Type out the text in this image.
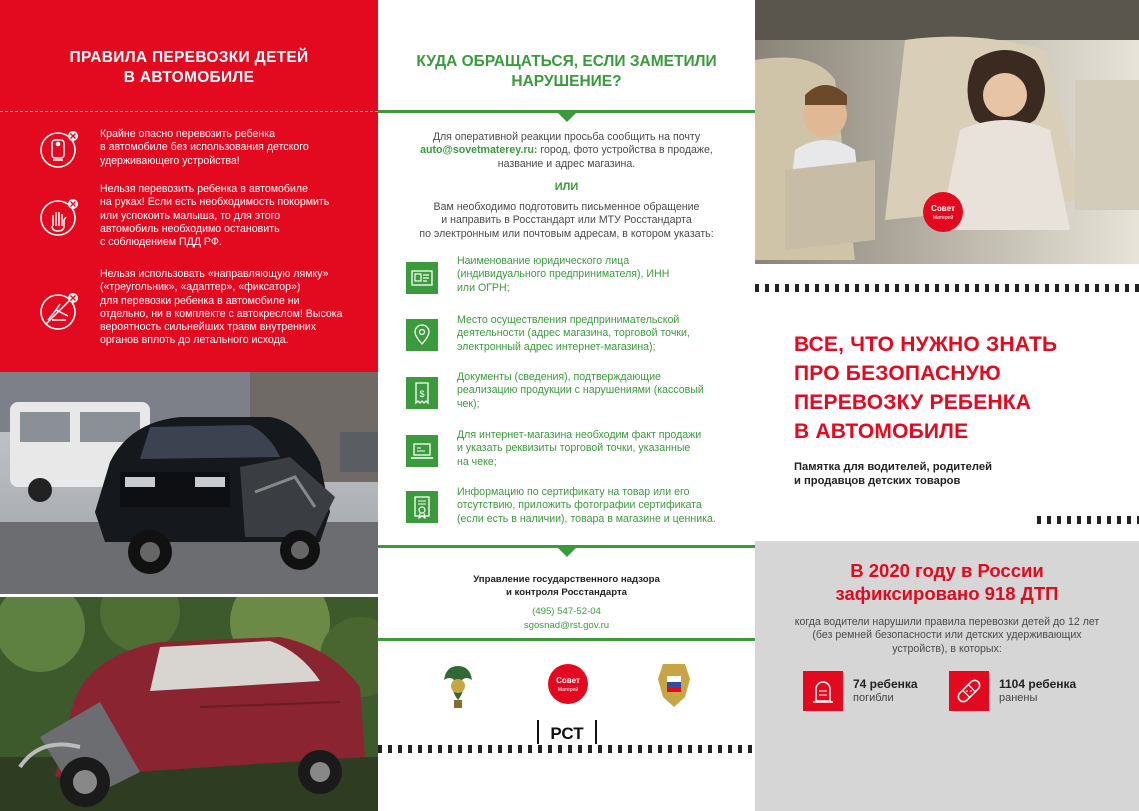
ПРАВИЛА ПЕРЕВОЗКИ ДЕТЕЙ
В АВТОМОБИЛЕ
Крайне опасно перевозить ребенка
в автомобиле без использования детского
удерживающего устройства!
Нельзя перевозить ребенка в автомобиле
на руках! Если есть необходимость покормить
или успокоить малыша, то для этого
автомобиль необходимо остановить
с соблюдением ПДД РФ.
Нельзя использовать «направляющую лямку»
(«треугольник», «адаптер», «фиксатор»)
для перевозки ребенка в автомобиле ни
отдельно, ни в комплекте с автокреслом! Высока
вероятность сильнейших травм внутренних
органов вплоть до летального исхода.
КУДА ОБРАЩАТЬСЯ, ЕСЛИ ЗАМЕТИЛИ
НАРУШЕНИЕ?
Для оперативной реакции просьба сообщить на почту
auto@sovetmaterey.ru: город, фото устройства в продаже,
название и адрес магазина.
ИЛИ
Вам необходимо подготовить письменное обращение
и направить в Росстандарт или МТУ Росстандарта
по электронным или почтовым адресам, в котором указать:
Наименование юридического лица
(индивидуального предпринимателя), ИНН
или ОГРН;
Место осуществления предпринимательской
деятельности (адрес магазина, торговой точки,
электронный адрес интернет-магазина);
$
Документы (сведения), подтверждающие
реализацию продукции с нарушениями (кассовый
чек);
Для интернет-магазина необходим факт продажи
и указать реквизиты торговой точки, указанные
на чеке;
Информацию по сертификату на товар или его
отсутствию, приложить фотографии сертификата
(если есть в наличии), товара в магазине и ценника.
Управление государственного надзора
и контроля Росстандарта
(495) 547-52-04
sgosnad@rst.gov.ru
Совет
Матерей
РСТ
Совет
Матерей
ВСЕ, ЧТО НУЖНО ЗНАТЬ
ПРО БЕЗОПАСНУЮ
ПЕРЕВОЗКУ РЕБЕНКА
В АВТОМОБИЛЕ
Памятка для водителей, родителей
и продавцов детских товаров
В 2020 году в России
зафиксировано 918 ДТП
когда водители нарушили правила перевозки детей до 12 лет
(без ремней безопасности или детских удерживающих
устройств), в которых:
74 ребенка
погибли
1104 ребенка
ранены
